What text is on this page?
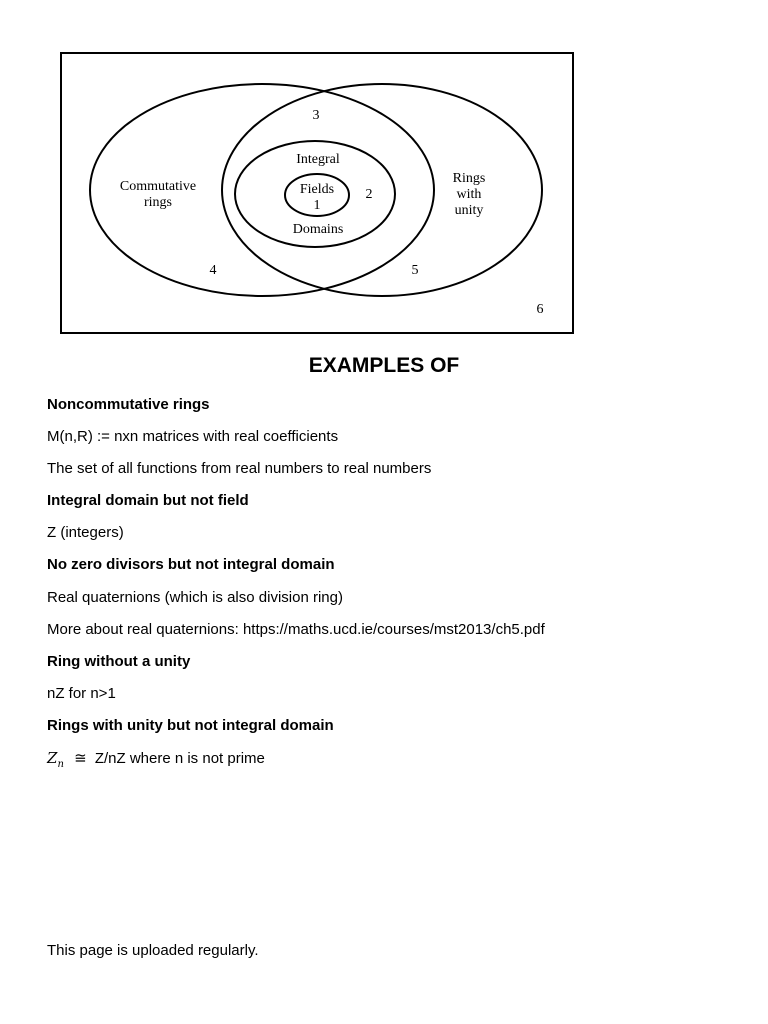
Commutative
rings
Integral
Domains
Fields
Rings
with
unity
1
2
3
4	5
6
EXAMPLES OF
Noncommutative rings
M(n,R) := nxn matrices with real coefficients
The set of all functions from real numbers to real numbers
Integral domain but not field
Z (integers)
No zero divisors but not integral domain
Real quaternions (which is also division ring)
More about real quaternions: https://maths.ucd.ie/courses/mst2013/ch5.pdf
Ring without a unity
nZ for n>1
Rings with unity but not integral domain
$Z_n$ ≅ Z/nZ where n is not prime
This page is uploaded regularly.
